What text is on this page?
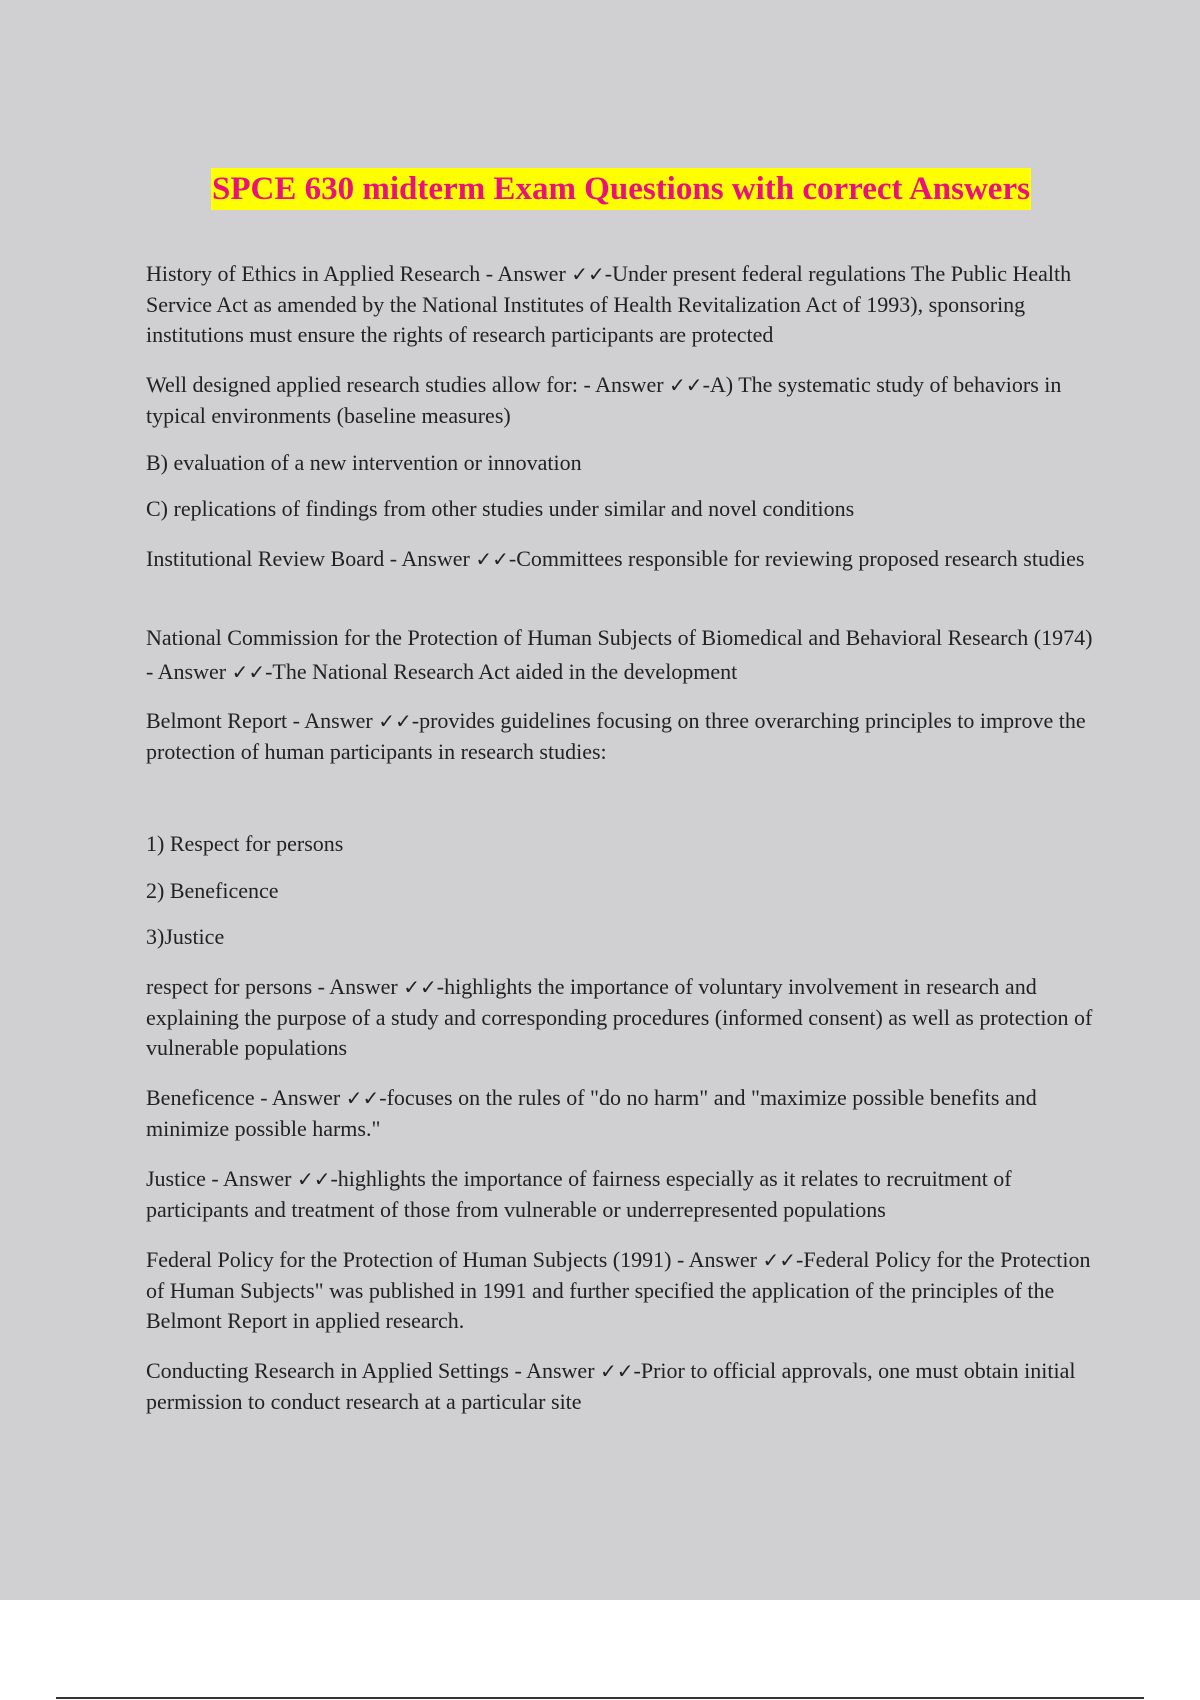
SPCE 630 midterm Exam Questions with correct Answers

History of Ethics in Applied Research - Answer ✓✓-Under present federal regulations The Public Health Service Act as amended by the National Institutes of Health Revitalization Act of 1993), sponsoring institutions must ensure the rights of research participants are protected

Well designed applied research studies allow for: - Answer ✓✓-A) The systematic study of behaviors in typical environments (baseline measures)

B) evaluation of a new intervention or innovation

C) replications of findings from other studies under similar and novel conditions

Institutional Review Board - Answer ✓✓-Committees responsible for reviewing proposed research studies

National Commission for the Protection of Human Subjects of Biomedical and Behavioral Research (1974) - Answer ✓✓-The National Research Act aided in the development

Belmont Report - Answer ✓✓-provides guidelines focusing on three overarching principles to improve the protection of human participants in research studies:

1) Respect for persons

2) Beneficence

3)Justice

respect for persons - Answer ✓✓-highlights the importance of voluntary involvement in research and explaining the purpose of a study and corresponding procedures (informed consent) as well as protection of vulnerable populations

Beneficence - Answer ✓✓-focuses on the rules of "do no harm" and "maximize possible benefits and minimize possible harms."

Justice - Answer ✓✓-highlights the importance of fairness especially as it relates to recruitment of participants and treatment of those from vulnerable or underrepresented populations

Federal Policy for the Protection of Human Subjects (1991) - Answer ✓✓-Federal Policy for the Protection of Human Subjects" was published in 1991 and further specified the application of the principles of the Belmont Report in applied research.

Conducting Research in Applied Settings - Answer ✓✓-Prior to official approvals, one must obtain initial permission to conduct research at a particular site
